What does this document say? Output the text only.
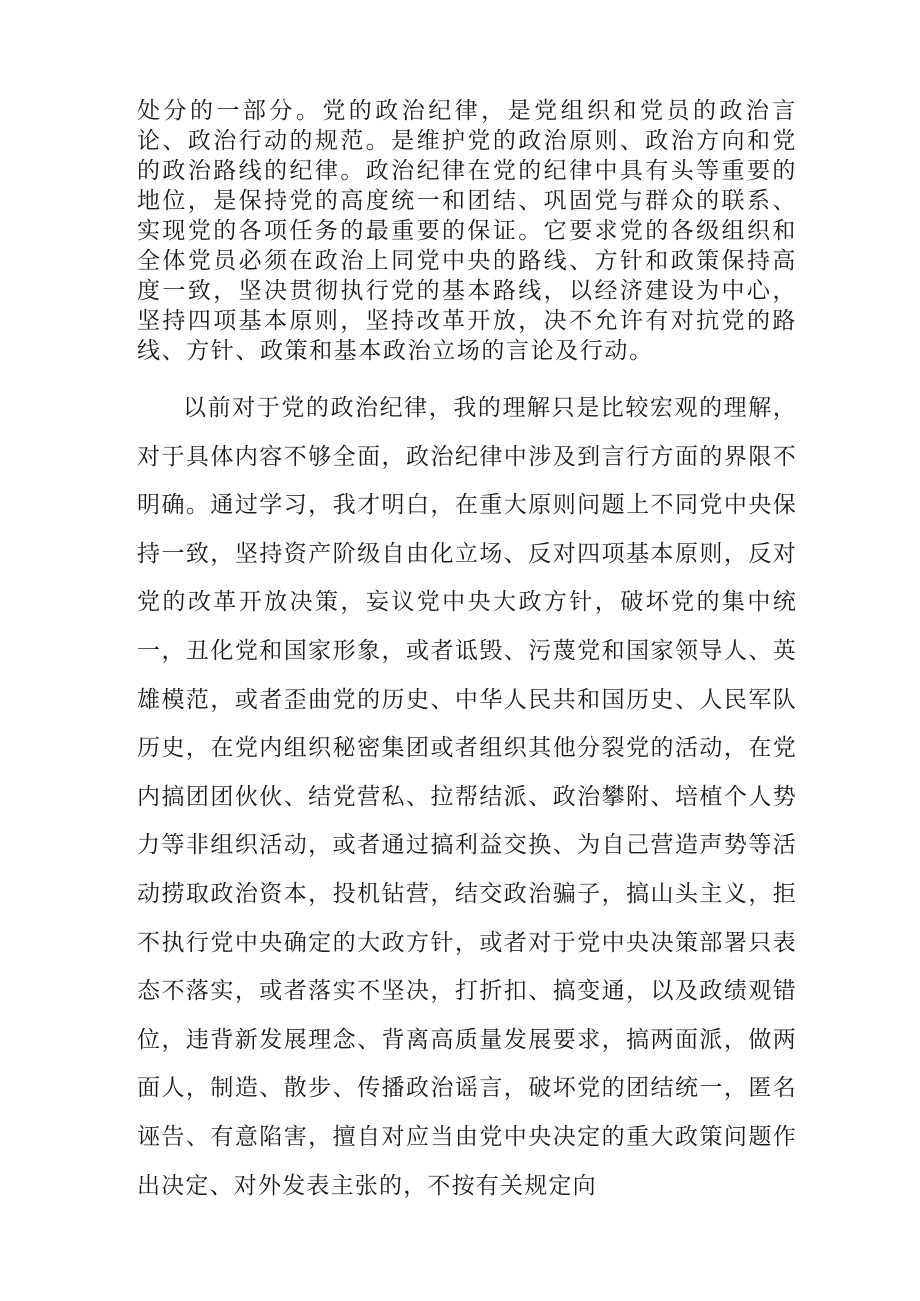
处分的一部分。党的政治纪律，是党组织和党员的政治言论、政治行动的规范。是维护党的政治原则、政治方向和党的政治路线的纪律。政治纪律在党的纪律中具有头等重要的地位，是保持党的高度统一和团结、巩固党与群众的联系、实现党的各项任务的最重要的保证。它要求党的各级组织和全体党员必须在政治上同党中央的路线、方针和政策保持高度一致，坚决贯彻执行党的基本路线，以经济建设为中心，坚持四项基本原则，坚持改革开放，决不允许有对抗党的路线、方针、政策和基本政治立场的言论及行动。

以前对于党的政治纪律，我的理解只是比较宏观的理解，对于具体内容不够全面，政治纪律中涉及到言行方面的界限不明确。通过学习，我才明白，在重大原则问题上不同党中央保持一致，坚持资产阶级自由化立场、反对四项基本原则，反对党的改革开放决策，妄议党中央大政方针，破坏党的集中统一，丑化党和国家形象，或者诋毁、污蔑党和国家领导人、英雄模范，或者歪曲党的历史、中华人民共和国历史、人民军队历史，在党内组织秘密集团或者组织其他分裂党的活动，在党内搞团团伙伙、结党营私、拉帮结派、政治攀附、培植个人势力等非组织活动，或者通过搞利益交换、为自己营造声势等活动捞取政治资本，投机钻营，结交政治骗子，搞山头主义，拒不执行党中央确定的大政方针，或者对于党中央决策部署只表态不落实，或者落实不坚决，打折扣、搞变通，以及政绩观错位，违背新发展理念、背离高质量发展要求，搞两面派，做两面人，制造、散步、传播政治谣言，破坏党的团结统一，匿名诬告、有意陷害，擅自对应当由党中央决定的重大政策问题作出决定、对外发表主张的，不按有关规定向
